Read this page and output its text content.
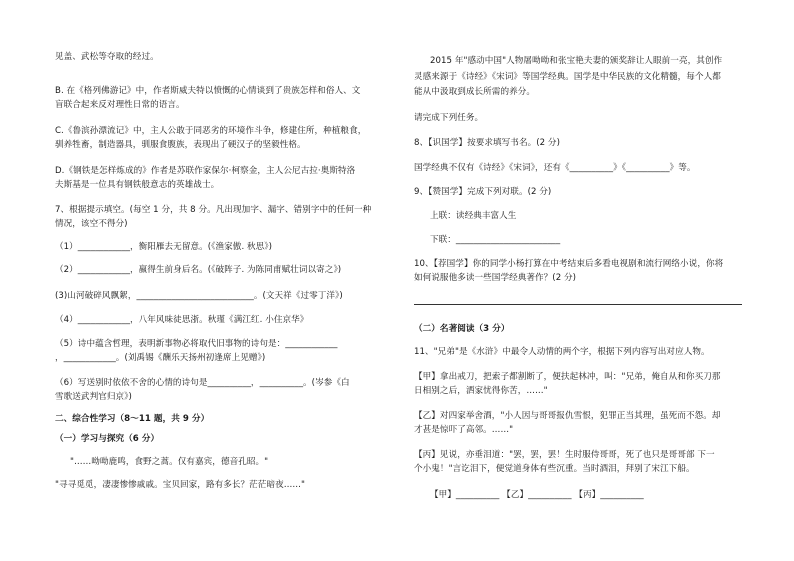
见盖、武松等夺取的经过。
B. 在《格列佛游记》中，作者斯威夫特以愤慨的心情谈到了贵族怎样和俗人、文
盲联合起来反对理性日常的语言。
C.《鲁滨孙漂流记》中，主人公敢于同恶劣的环境作斗争，修建住所，种植粮食，
驯养牲畜，制造器具，驯服食腹族，表现出了硬汉子的坚毅性格。
D.《钢铁是怎样炼成的》作者是苏联作家保尔·柯察金，主人公尼古拉·奥斯特洛
夫斯基是一位具有钢铁般意志的英雄战士。
7、根据提示填空。(每空 1 分，共 8 分。凡出现加字、漏字、错别字中的任何一种
情况，该空不得分)
（1）____________，衡阳雁去无留意。(《渔家傲. 秋思》)
（2）____________，嬴得生前身后名。(《破阵子. 为陈同甫赋壮词以寄之》)
(3)山河破碎风飘絮，___________________________。(文天祥《过零丁洋》)
（4）____________，八年风味徒思浙。秋瑾《满江红. 小住京华》
（5）诗中蕴含哲理，表明新事物必将取代旧事物的诗句是：____________
，____________。(刘禹锡《酬乐天扬州初逢席上见赠》)
（6）写送别时依依不舍的心情的诗句是__________，__________。(岑参《白
雪歌送武判官归京》)
二、综合性学习（8～11 题，共 9 分）
（一）学习与探究（6 分）
"……呦呦鹿鸣，食野之蒿。仅有嘉宾，德音孔昭。"
"寻寻觅觅，凄凄惨惨戚戚。宝贝回家，路有多长？茫茫暗夜……"
2015 年"感动中国"人物屠呦呦和张宝艳夫妻的颁奖辞让人眼前一亮，其创作
灵感来源于《诗经》《宋词》等国学经典。国学是中华民族的文化精髓，每个人都
能从中汲取到成长所需的养分。
请完成下列任务。
8、【识国学】按要求填写书名。(2 分)
国学经典不仅有《诗经》《宋词》，还有《__________》《__________》等。
9、【赞国学】完成下列对联。(2 分)
上联：读经典丰富人生
下联：________________________
10、【荐国学】你的同学小杨打算在中考结束后多看电视剧和流行网络小说，你将
如何说服他多读一些国学经典著作？(2 分)
（二）名著阅读（3 分）
11、"兄弟"是《水浒》中最令人动情的两个字，根据下列内容写出对应人物。
【甲】拿出戒刀，把索子都割断了，便扶起林冲，叫："兄弟，俺自从和你买刀那
日相别之后，洒家忧得你苦，……"
【乙】对四家举舍酒，"小人因与哥哥报仇雪恨，犯罪正当其理，虽死而不怨。却
才甚是惊吓了高邻。……"
【丙】见说，亦垂泪道："罢，罢，罢！生时服侍哥哥，死了也只是哥哥部 下一
个小鬼！"言讫泪下，便觉道身体有些沉重。当时酒泪，拜别了宋江下船。
【甲】__________ 【乙】__________ 【丙】__________
